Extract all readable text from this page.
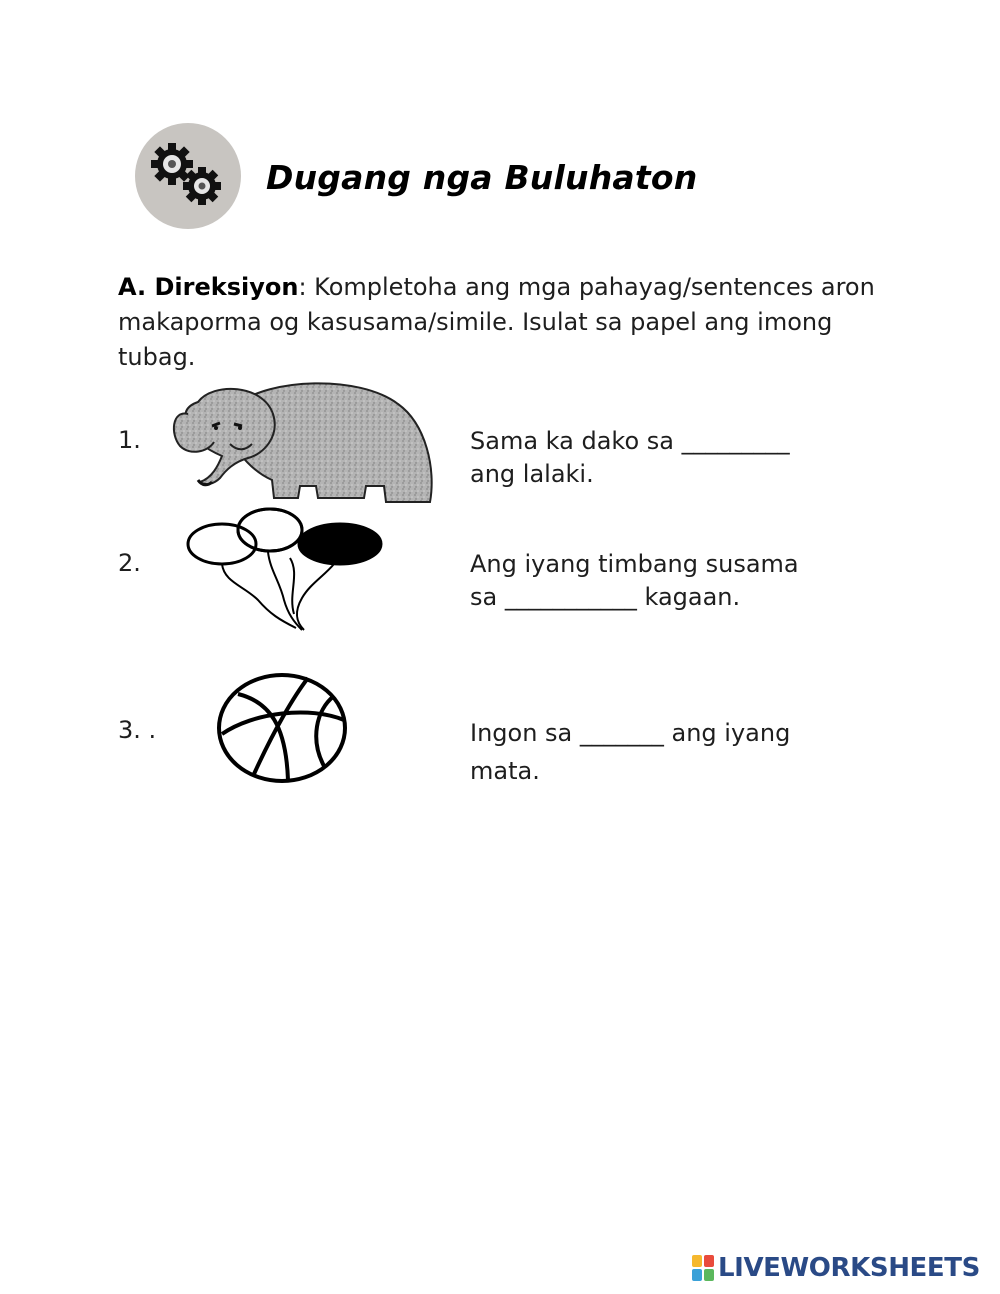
Dugang nga Buluhaton
A. Direksiyon: Kompletoha ang mga pahayag/sentences aron makaporma og kasusama/simile. Isulat sa papel ang imong tubag.
1.	Sama ka dako sa _________
ang lalaki.
2.	Ang iyang timbang susama
sa ___________ kagaan.
3. .	Ingon sa _______ ang iyang
mata.
LIVEWORKSHEETS
